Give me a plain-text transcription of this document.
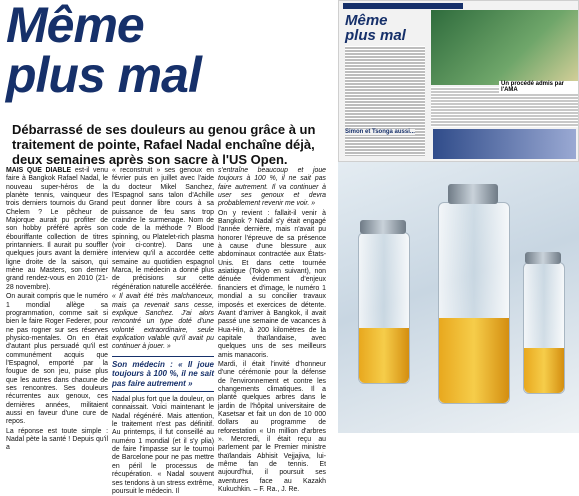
Même
plus mal
Débarrassé de ses douleurs au genou grâce à un traitement de pointe, Rafael Nadal enchaîne déjà, deux semaines après son sacre à l'US Open.

MAIS QUE DIABLE est-il venu faire à Bangkok Rafael Nadal, le nouveau super-héros de la planète tennis, vainqueur des trois derniers tournois du Grand Chelem ? Le pêcheur de Majorque aurait pu profiter de son hobby préféré après son ébouriffante collection de titres printanniers. Il aurait pu souffler quelques jours avant la dernière ligne droite de la saison, qui mène au Masters, son dernier grand rendez-vous en 2010 (21-28 novembre).

On aurait compris que le numéro 1 mondial allège sa programmation, comme sait si bien le faire Roger Federer, pour ne pas rogner sur ses réserves physico-mentales. On en était d'autant plus persuadé qu'il est communément acquis que l'Espagnol, emporté par la fougue de son jeu, puise plus que les autres dans chacune de ses rencontres. Ses douleurs récurrentes aux genoux, ces dernières années, militaient aussi en faveur d'une cure de repos.

La réponse est toute simple : Nadal pète la santé ! Depuis qu'il a

« reconstruit » ses genoux en février puis en juillet avec l'aide du docteur Mikel Sanchez, l'Espagnol sans talon d'Achille peut donner libre cours à sa puissance de feu sans trop craindre le surmenage. Nom de code de la méthode ? Blood spinning, ou Platelet-rich plasma (voir ci-contre). Dans une interview qu'il a accordée cette semaine au quotidien espagnol Marca, le médecin a donné plus de précisions sur cette régénération naturelle accélérée.

« Il avait été très malchanceux, mais ça revenait sans cesse, explique Sanchez. J'ai alors rencontré un type doté d'une volonté extraordinaire, seule explication valable qu'il avait pu continuer à jouer. »

Son médecin : « Il joue toujours à 100 %, il ne sait pas faire autrement »

Nadal plus fort que la douleur, on connaissait. Voici maintenant le Nadal régénéré. Mais attention, le traitement n'est pas définitif. Au printemps, il fut conseillé au numéro 1 mondial (et il s'y plia) de faire l'impasse sur le tournoi de Barcelone pour ne pas mettre en péril le processus de récupération. « Nadal souvent ses tendons à un stress extrême, poursuit le médecin. Il

s'entraîne beaucoup et joue toujours à 100 %, il ne sait pas faire autrement. Il va continuer à user ses genoux et devra probablement revenir me voir. »

On y revient : fallait-il venir à Bangkok ? Nadal s'y était engagé l'année dernière, mais n'avait pu honorer l'épreuve de sa présence à cause d'une blessure aux abdominaux contractée aux États-Unis. Et dans cette tournée asiatique (Tokyo en suivant), non dénuée évidemment d'enjeux financiers et d'image, le numéro 1 mondial a su concilier travaux imposés et exercices de détente. Avant d'arriver à Bangkok, il avait passé une semaine de vacances à Hua-Hin, à 200 kilomètres de la capitale thaïlandaise, avec quelques uns de ses meilleurs amis manacoris.

Mardi, il était l'invité d'honneur d'une cérémonie pour la défense de l'environnement et contre les changements climatiques. Il a planté quelques arbres dans le jardin de l'hôpital universitaire de Kasetsar et fait un don de 10 000 dollars au programme de reforestation « Un million d'arbres ». Mercredi, il était reçu au parlement par le Premier ministre thaïlandais Abhisit Vejjajiva, lui-même fan de tennis. Et aujourd'hui, il poursuit ses aventures face au Kazakh Kukuchkin. – F. Ra., J. Re.

Même
plus mal
Un procédé admis par l'AMA
Simon et Tsonga aussi...
